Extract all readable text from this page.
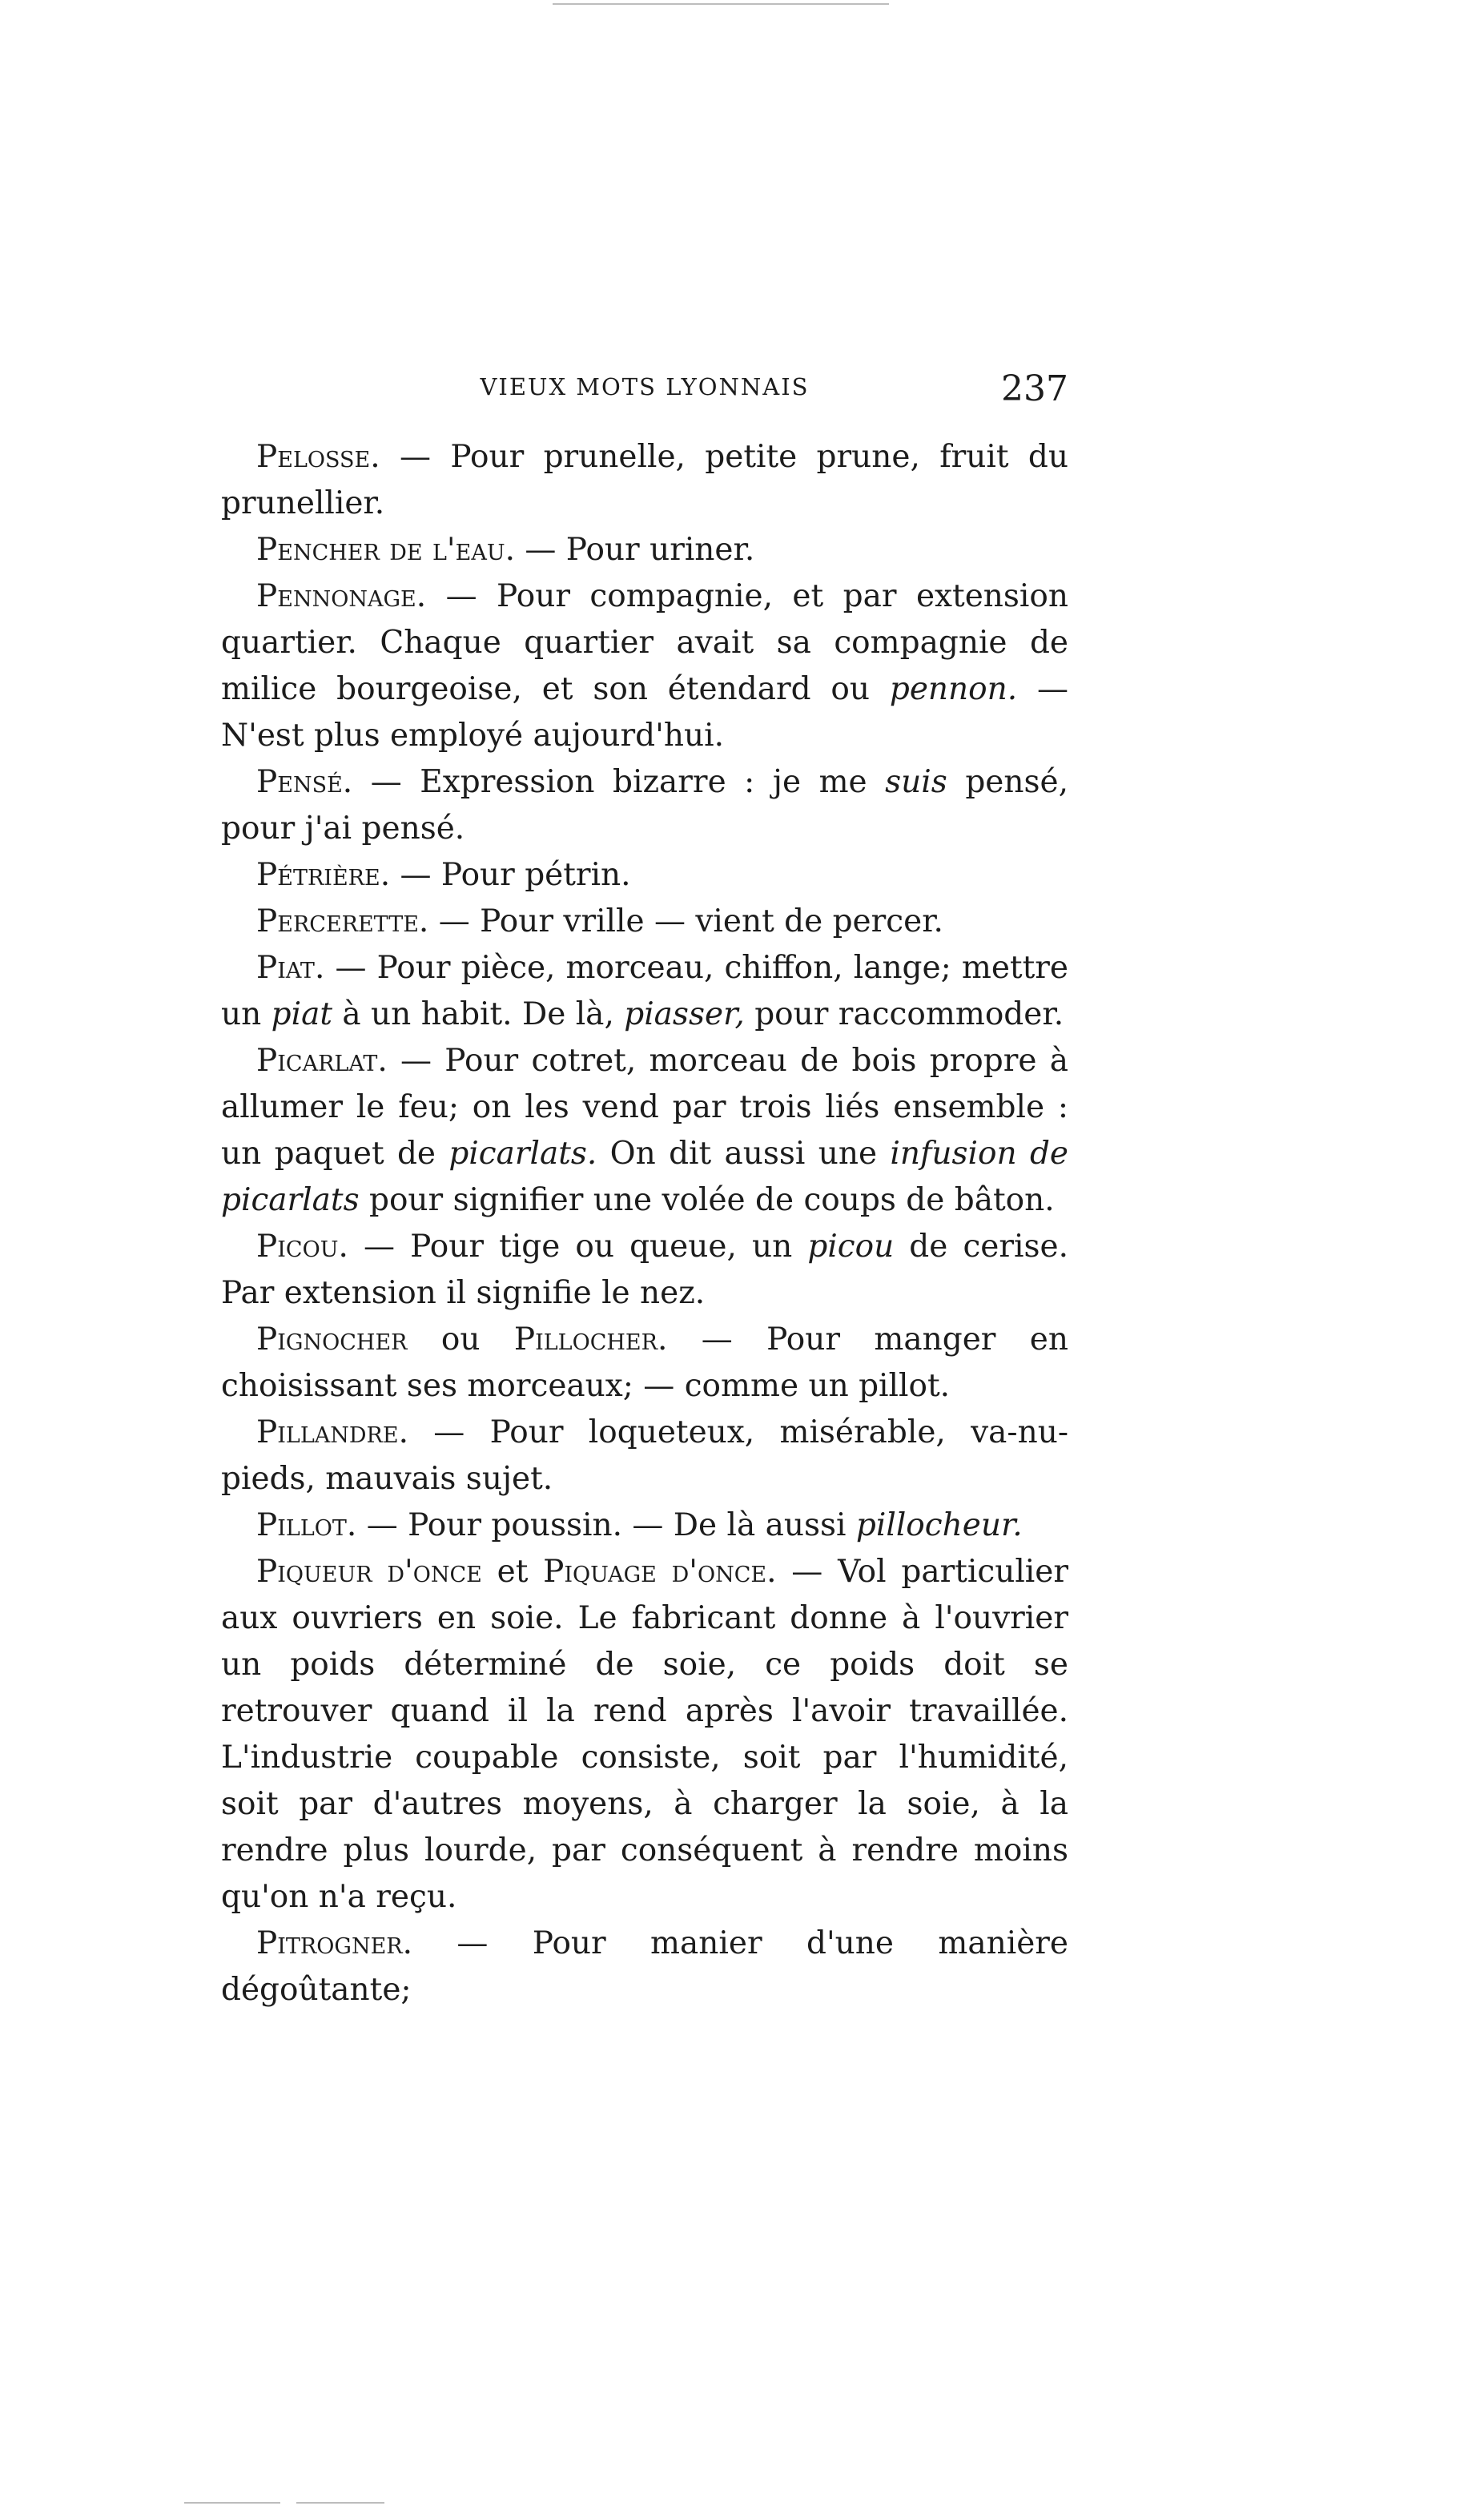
VIEUX MOTS LYONNAIS	237

Pelosse. — Pour prunelle, petite prune, fruit du prunellier.

Pencher de l'eau. — Pour uriner.

Pennonage. — Pour compagnie, et par extension quartier. Chaque quartier avait sa compagnie de milice bourgeoise, et son étendard ou pennon. — N'est plus employé aujourd'hui.

Pensé. — Expression bizarre : je me suis pensé, pour j'ai pensé.

Pétrière. — Pour pétrin.

Percerette. — Pour vrille — vient de percer.

Piat. — Pour pièce, morceau, chiffon, lange; mettre un piat à un habit. De là, piasser, pour raccommoder.

Picarlat. — Pour cotret, morceau de bois propre à allumer le feu; on les vend par trois liés ensemble : un paquet de picarlats. On dit aussi une infusion de picarlats pour signifier une volée de coups de bâton.

Picou. — Pour tige ou queue, un picou de cerise. Par extension il signifie le nez.

Pignocher ou Pillocher. — Pour manger en choisissant ses morceaux; — comme un pillot.

Pillandre. — Pour loqueteux, misérable, va-nu-pieds, mauvais sujet.

Pillot. — Pour poussin. — De là aussi pillocheur.

Piqueur d'once et Piquage d'once. — Vol particulier aux ouvriers en soie. Le fabricant donne à l'ouvrier un poids déterminé de soie, ce poids doit se retrouver quand il la rend après l'avoir travaillée. L'industrie coupable consiste, soit par l'humidité, soit par d'autres moyens, à charger la soie, à la rendre plus lourde, par conséquent à rendre moins qu'on n'a reçu.

Pitrogner. — Pour manier d'une manière dégoûtante;
